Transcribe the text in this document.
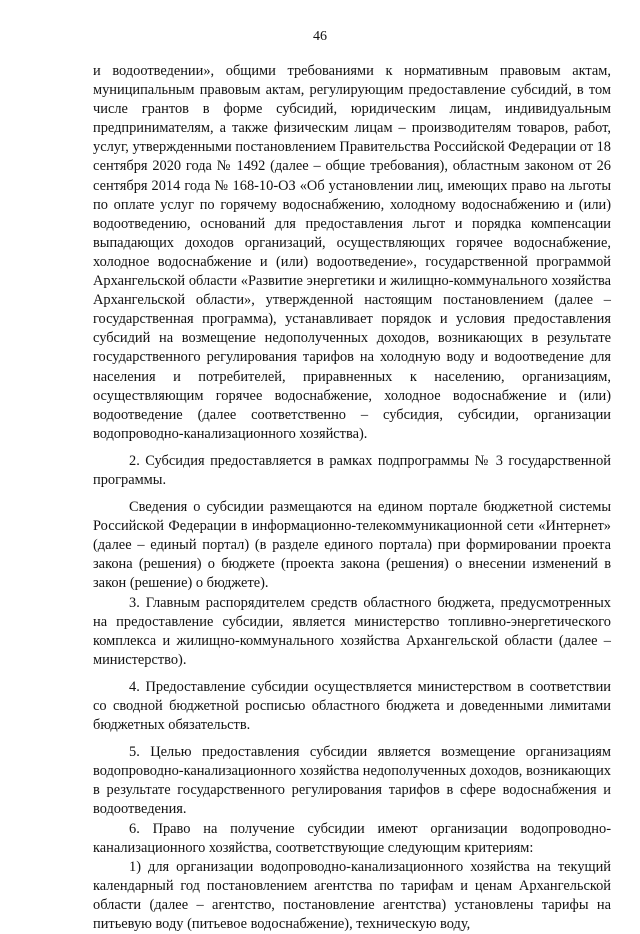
46

и водоотведении», общими требованиями к нормативным правовым актам, муниципальным правовым актам, регулирующим предоставление субсидий, в том числе грантов в форме субсидий, юридическим лицам, индивидуальным предпринимателям, а также физическим лицам – производителям товаров, работ, услуг, утвержденными постановлением Правительства Российской Федерации от 18 сентября 2020 года № 1492 (далее – общие требования), областным законом от 26 сентября 2014 года № 168-10-ОЗ «Об установлении лиц, имеющих право на льготы по оплате услуг по горячему водоснабжению, холодному водоснабжению и (или) водоотведению, оснований для предоставления льгот и порядка компенсации выпадающих доходов организаций, осуществляющих горячее водоснабжение, холодное водоснабжение и (или) водоотведение», государственной программой Архангельской области «Развитие энергетики и жилищно-коммунального хозяйства Архангельской области», утвержденной настоящим постановлением (далее – государственная программа), устанавливает порядок и условия предоставления субсидий на возмещение недополученных доходов, возникающих в результате государственного регулирования тарифов на холодную воду и водоотведение для населения и потребителей, приравненных к населению, организациям, осуществляющим горячее водоснабжение, холодное водоснабжение и (или) водоотведение (далее соответственно – субсидия, субсидии, организации водопроводно-канализационного хозяйства).

2. Субсидия предоставляется в рамках подпрограммы № 3 государственной программы.

Сведения о субсидии размещаются на едином портале бюджетной системы Российской Федерации в информационно-телекоммуникационной сети «Интернет» (далее – единый портал) (в разделе единого портала) при формировании проекта закона (решения) о бюджете (проекта закона (решения) о внесении изменений в закон (решение) о бюджете).

3. Главным распорядителем средств областного бюджета, предусмотренных на предоставление субсидии, является министерство топливно-энергетического комплекса и жилищно-коммунального хозяйства Архангельской области (далее – министерство).

4. Предоставление субсидии осуществляется министерством в соответствии со сводной бюджетной росписью областного бюджета и доведенными лимитами бюджетных обязательств.

5. Целью предоставления субсидии является возмещение организациям водопроводно-канализационного хозяйства недополученных доходов, возникающих в результате государственного регулирования тарифов в сфере водоснабжения и водоотведения.

6. Право на получение субсидии имеют организации водопроводно-канализационного хозяйства, соответствующие следующим критериям:

1) для организации водопроводно-канализационного хозяйства на текущий календарный год постановлением агентства по тарифам и ценам Архангельской области (далее – агентство, постановление агентства) установлены тарифы на питьевую воду (питьевое водоснабжение), техническую воду,
